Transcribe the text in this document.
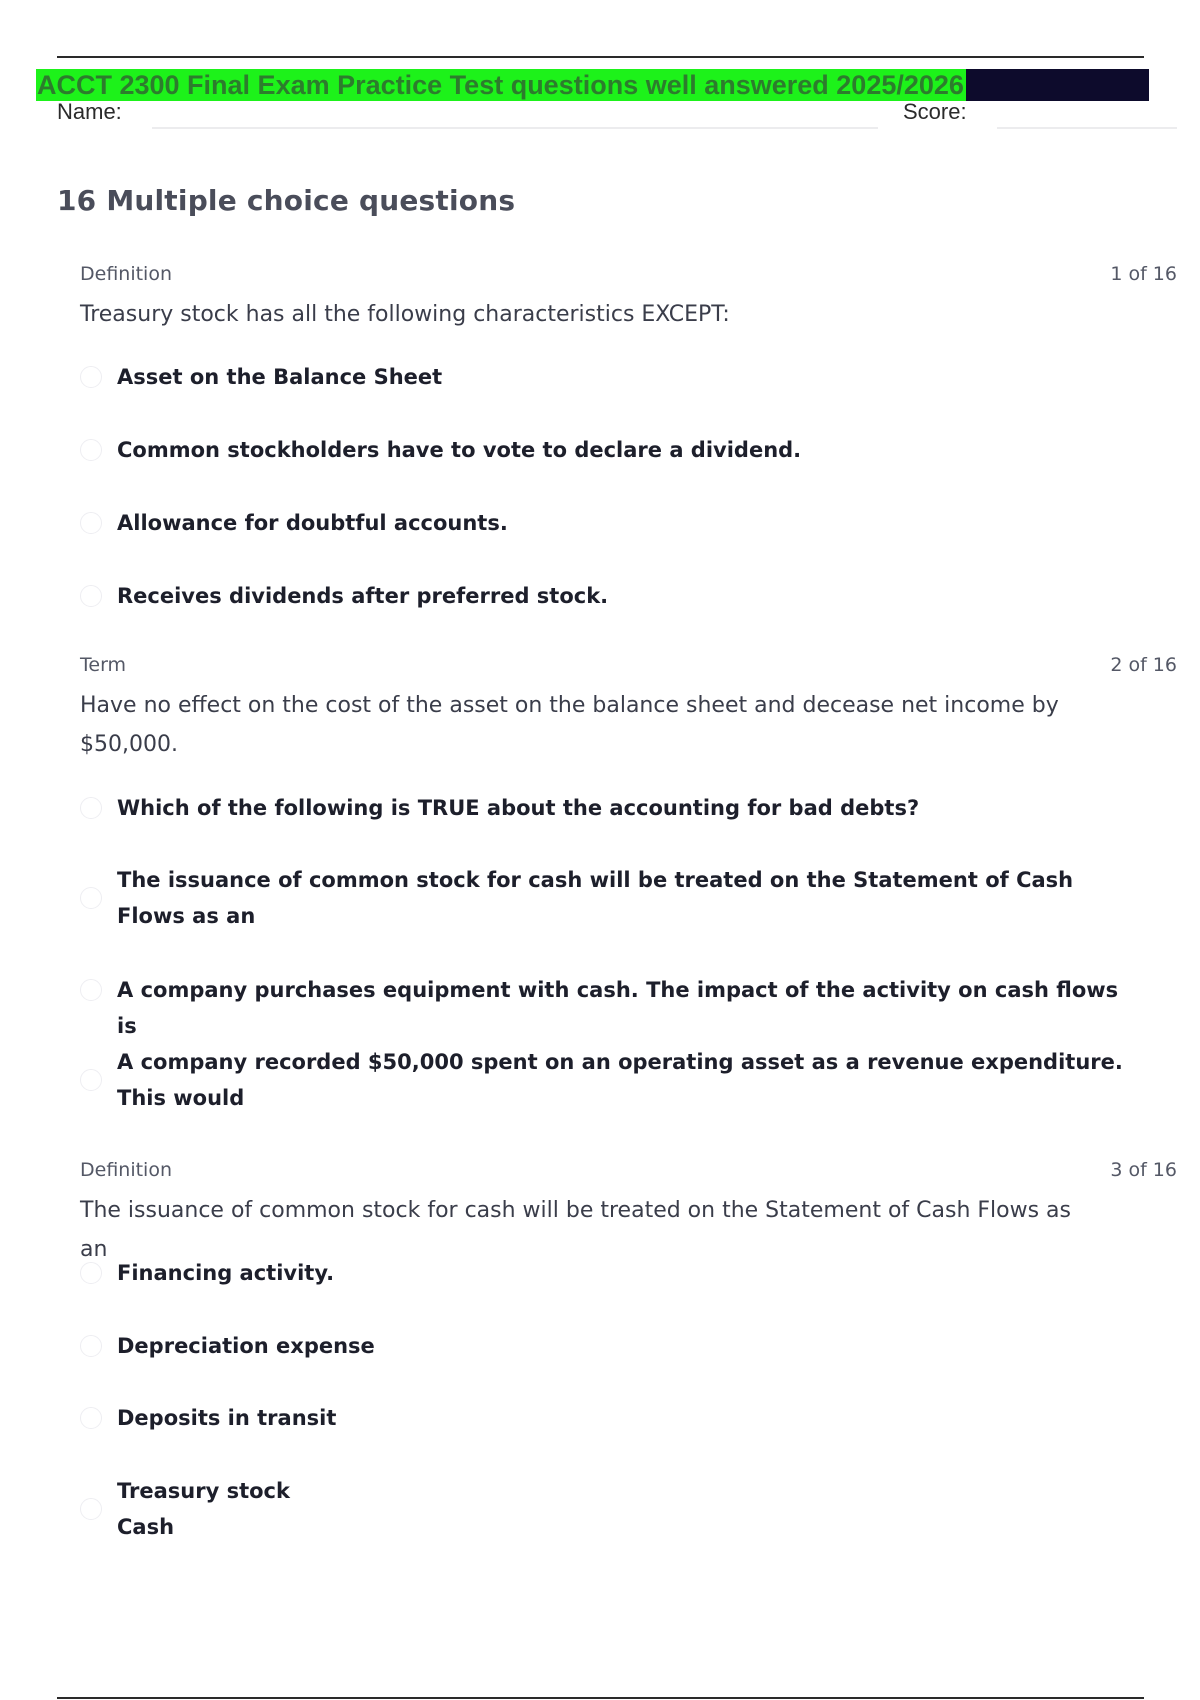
ACCT 2300 Final Exam Practice Test questions well answered 2025/2026
Name:	Score:
16 Multiple choice questions
Definition	1 of 16
Treasury stock has all the following characteristics EXCEPT:
Asset on the Balance Sheet
Common stockholders have to vote to declare a dividend.
Allowance for doubtful accounts.
Receives dividends after preferred stock.
Term	2 of 16
Have no effect on the cost of the asset on the balance sheet and decease net income by $50,000.
Which of the following is TRUE about the accounting for bad debts?
The issuance of common stock for cash will be treated on the Statement of Cash Flows as an
A company purchases equipment with cash. The impact of the activity on cash flows is
A company recorded $50,000 spent on an operating asset as a revenue expenditure. This would
Definition	3 of 16
The issuance of common stock for cash will be treated on the Statement of Cash Flows as an
Financing activity.
Depreciation expense
Deposits in transit
Treasury stock
Cash
